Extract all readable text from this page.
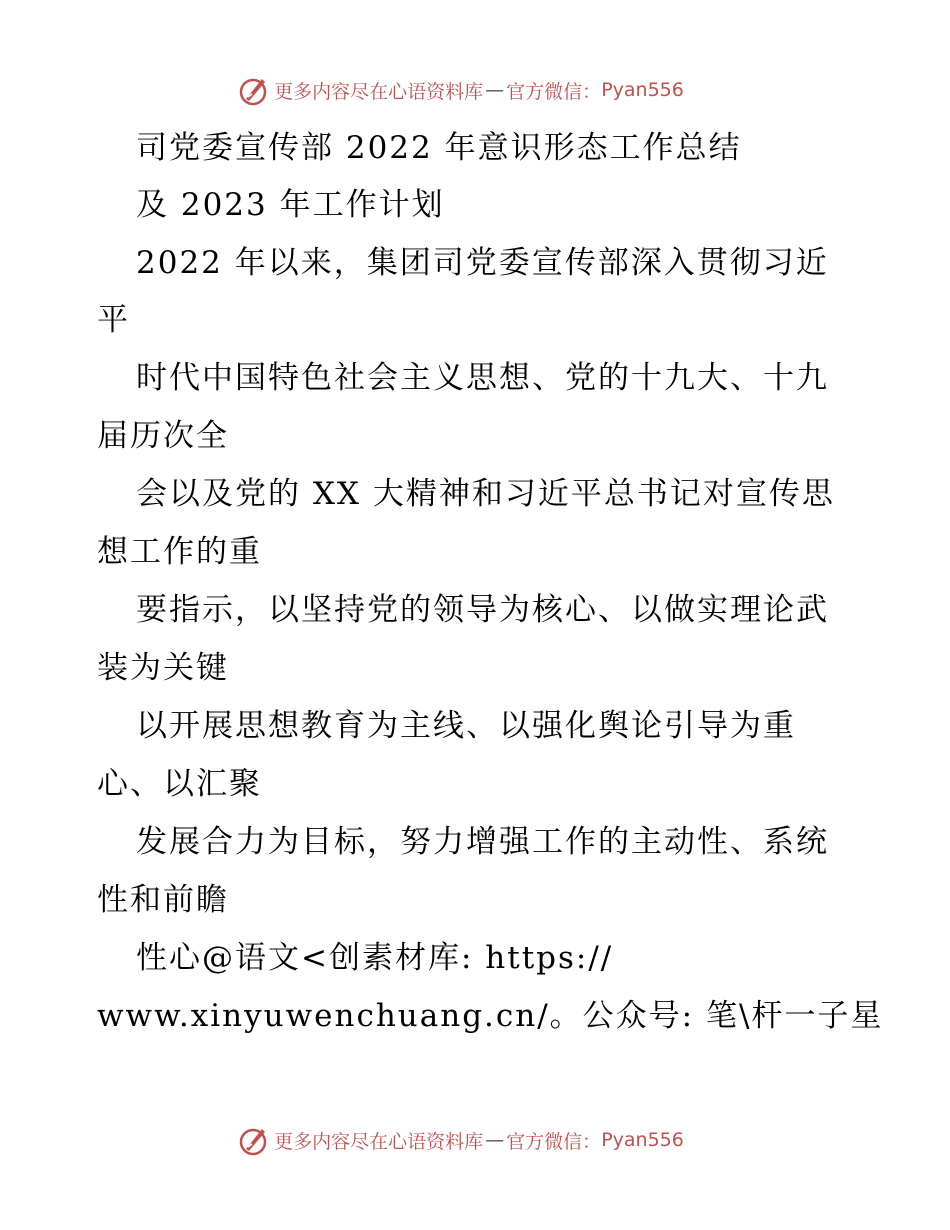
更多内容尽在心语资料库 — 官方微信： Pyan556
司党委宣传部 2022 年意识形态工作总结
及 2023 年工作计划
2022 年以来，集团司党委宣传部深入贯彻习近
平
时代中国特色社会主义思想、党的十九大、十九
届历次全
会以及党的 XX 大精神和习近平总书记对宣传思
想工作的重
要指示，以坚持党的领导为核心、以做实理论武
装为关键
以开展思想教育为主线、以强化舆论引导为重
心、以汇聚
发展合力为目标，努力增强工作的主动性、系统
性和前瞻
性心@语文<创素材库: https://
www.xinyuwenchuang.cn/。公众号: 笔\杆一子星
更多内容尽在心语资料库 — 官方微信： Pyan556
